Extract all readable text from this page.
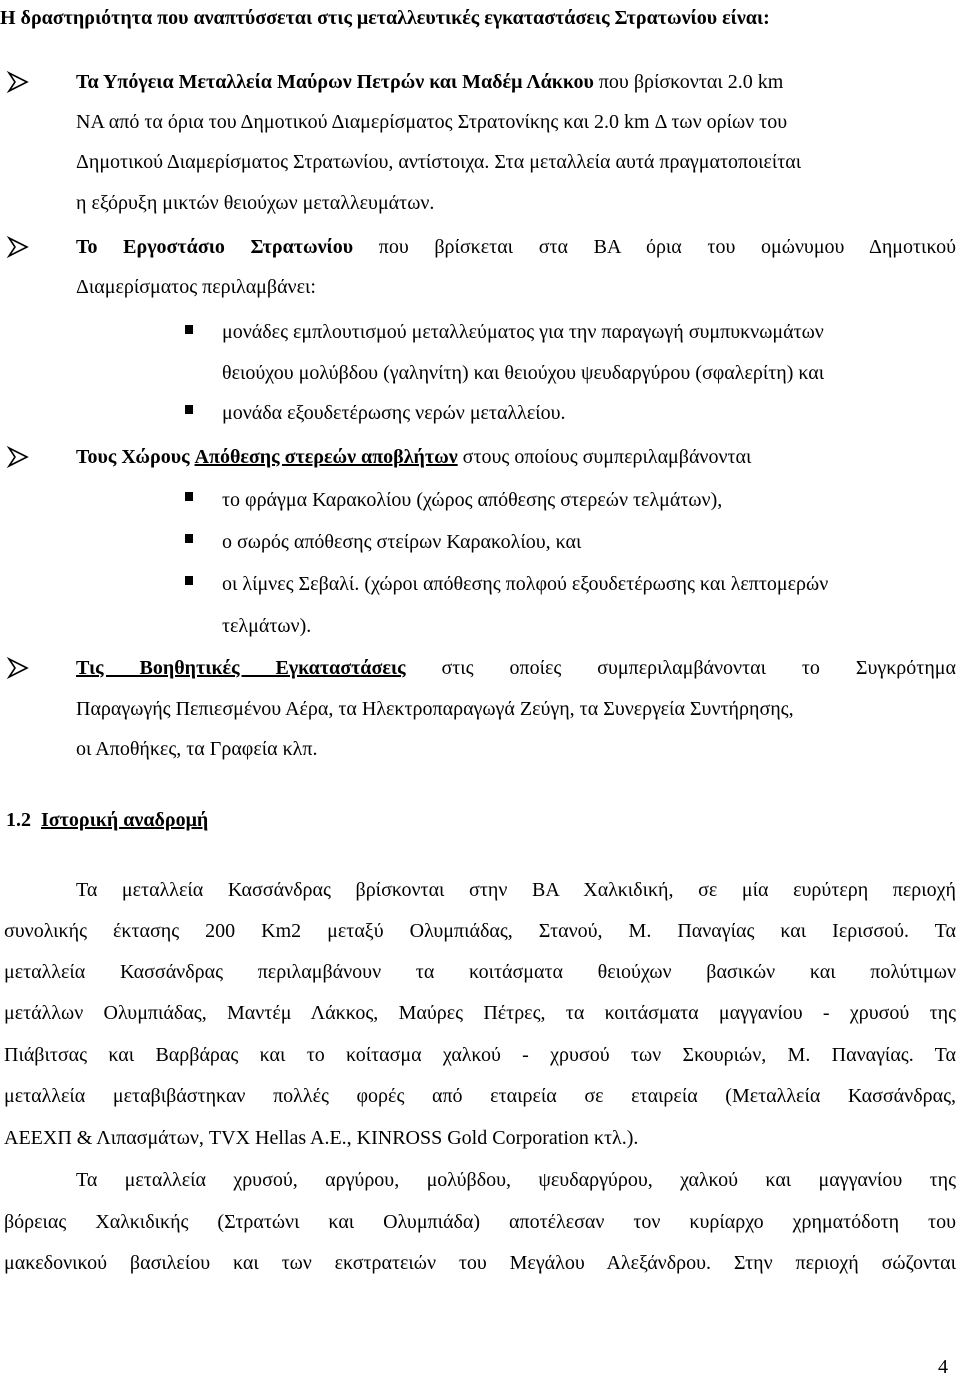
Η δραστηριότητα που αναπτύσσεται στις μεταλλευτικές εγκαταστάσεις Στρατωνίου είναι:
Τα Υπόγεια Μεταλλεία Μαύρων Πετρών και Μαδέμ Λάκκου που βρίσκονται 2.0 km
ΝΑ από τα όρια του Δημοτικού Διαμερίσματος Στρατονίκης και 2.0 km Δ των ορίων του
Δημοτικού Διαμερίσματος Στρατωνίου, αντίστοιχα. Στα μεταλλεία αυτά πραγματοποιείται
η εξόρυξη μικτών θειούχων μεταλλευμάτων.
Το Εργοστάσιο Στρατωνίου που βρίσκεται στα ΒΑ όρια του ομώνυμου Δημοτικού
Διαμερίσματος περιλαμβάνει:
μονάδες εμπλουτισμού μεταλλεύματος για την παραγωγή συμπυκνωμάτων
θειούχου μολύβδου (γαληνίτη) και θειούχου ψευδαργύρου (σφαλερίτη) και
μονάδα εξουδετέρωσης νερών μεταλλείου.
Τους Χώρους Απόθεσης στερεών αποβλήτων στους οποίους συμπεριλαμβάνονται
το φράγμα Καρακολίου (χώρος απόθεσης στερεών τελμάτων),
ο σωρός απόθεσης στείρων Καρακολίου, και
οι λίμνες Σεβαλί. (χώροι απόθεσης πολφού εξουδετέρωσης και λεπτομερών
τελμάτων).
Τις Βοηθητικές Εγκαταστάσεις στις οποίες συμπεριλαμβάνονται το Συγκρότημα
Παραγωγής Πεπιεσμένου Αέρα, τα Ηλεκτροπαραγωγά Ζεύγη, τα Συνεργεία Συντήρησης,
οι Αποθήκες, τα Γραφεία κλπ.
1.2 Ιστορική αναδρομή
Τα μεταλλεία Κασσάνδρας βρίσκονται στην ΒΑ Χαλκιδική, σε μία ευρύτερη περιοχή
συνολικής έκτασης 200 Km2 μεταξύ Ολυμπιάδας, Στανού, Μ. Παναγίας και Ιερισσού. Τα
μεταλλεία Κασσάνδρας περιλαμβάνουν τα κοιτάσματα θειούχων βασικών και πολύτιμων
μετάλλων Ολυμπιάδας, Μαντέμ Λάκκος, Μαύρες Πέτρες, τα κοιτάσματα μαγγανίου - χρυσού της
Πιάβιτσας και Βαρβάρας και το κοίτασμα χαλκού - χρυσού των Σκουριών, Μ. Παναγίας. Τα
μεταλλεία μεταβιβάστηκαν πολλές φορές από εταιρεία σε εταιρεία (Μεταλλεία Κασσάνδρας,
ΑΕΕΧΠ & Λιπασμάτων, TVX Hellas A.E., KINROSS Gold Corporation κτλ.).
Τα μεταλλεία χρυσού, αργύρου, μολύβδου, ψευδαργύρου, χαλκού και μαγγανίου της
βόρειας Χαλκιδικής (Στρατώνι και Ολυμπιάδα) αποτέλεσαν τον κυρίαρχο χρηματόδοτη του
μακεδονικού βασιλείου και των εκστρατειών του Μεγάλου Αλεξάνδρου. Στην περιοχή σώζονται
4
